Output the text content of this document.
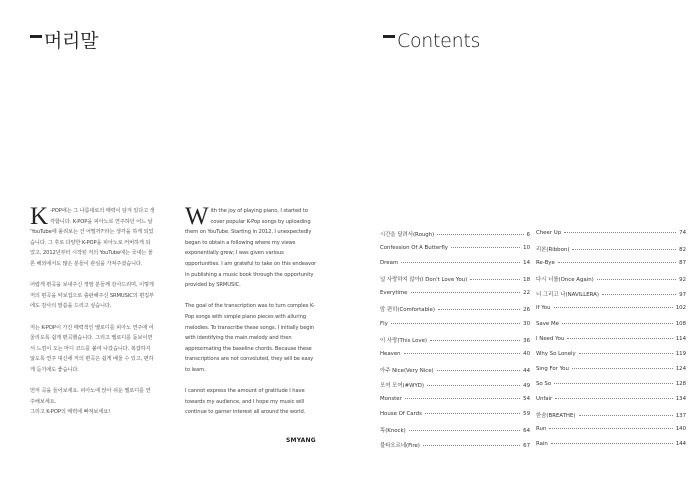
머리말

K -POP에는 그 나름대로의 매력이 담겨 있다고 생각합니다. K-POP을 피아노로 연주하던 어느 날 'YouTube에 올려보는 건 어떨까?'라는 생각을 하게 되었습니다. 그 후로 다양한 K-POP을 피아노로 커버하게 되었고, 2012년부터 시작된 저의 YouTube에는 국내는 물론 해외에서도 많은 분들이 관심을 가져주셨습니다.

어렵게 편곡을 보내주신 정말 분들께 감사드리며, 이렇게 저의 편곡을 악보집으로 출판해주신 SRMUSIC의 편집부에도 감사의 말씀을 드리고 싶습니다.

저는 K-POP이 가진 매력적인 멜로디를 피아노 연주에 어울리도록 쉽게 편곡했습니다. 그리고 멜로디를 돋보이면서 느낌이 오는 마디 코드를 붙여 나갔습니다. 복잡하지 않도록 연주 대신에 저의 편곡은 쉽게 배울 수 있고, 편하게 듣기에도 좋습니다.

먼저 곡을 들어보세요. 피아노에 앉아 쉬운 멜로디를 연주해보세요.
그리고 K-POP의 매력에 빠져보세요!

With the joy of playing piano, I started to cover popular K-Pop songs by uploading them on YouTube. Starting in 2012, I unexpectedly began to obtain a following where my views exponentially grew; I was given various opportunities. I am grateful to take on this endeavor in publishing a music book through the opportunity provided by SRMUSIC.

The goal of the transcription was to turn complex K-Pop songs with simple piano pieces with alluring melodies. To transcribe these songs, I initially begin with identifying the main melody and then approximating the baseline chords. Because these transcriptions are not convoluted, they will be easy to learn.

I cannot express the amount of gratitude I have towards my audience, and I hope my music will continue to garner interest all around the world.

SMYANG
Contents
시간을 달려서(Rough)	6
Confession Of A Butterfly	10
Dream	14
널 사랑하지 않아(I Don't Love You)	18
Everytime	22
맘 편히(Comfortable)	26
Fly	30
이 사랑(This Love)	36
Heaven	40
아주 Nice(Very Nice)	44
모여 모여(#WYD)	49
Monster	54
House Of Cards	59
똑(Knock)	64
불타오르네(Fire)	67
Cheer Up	74
리본(Ribbon)	82
Re-Bye	87
다시 너를(Once Again)	92
너 그리고 나(NAVILLERA)	97
If You	102
Save Me	108
I Need You	114
Why So Lonely	119
Sing For You	124
So So	128
Unfair	134
한숨(BREATHE)	137
Run	140
Rain	144
